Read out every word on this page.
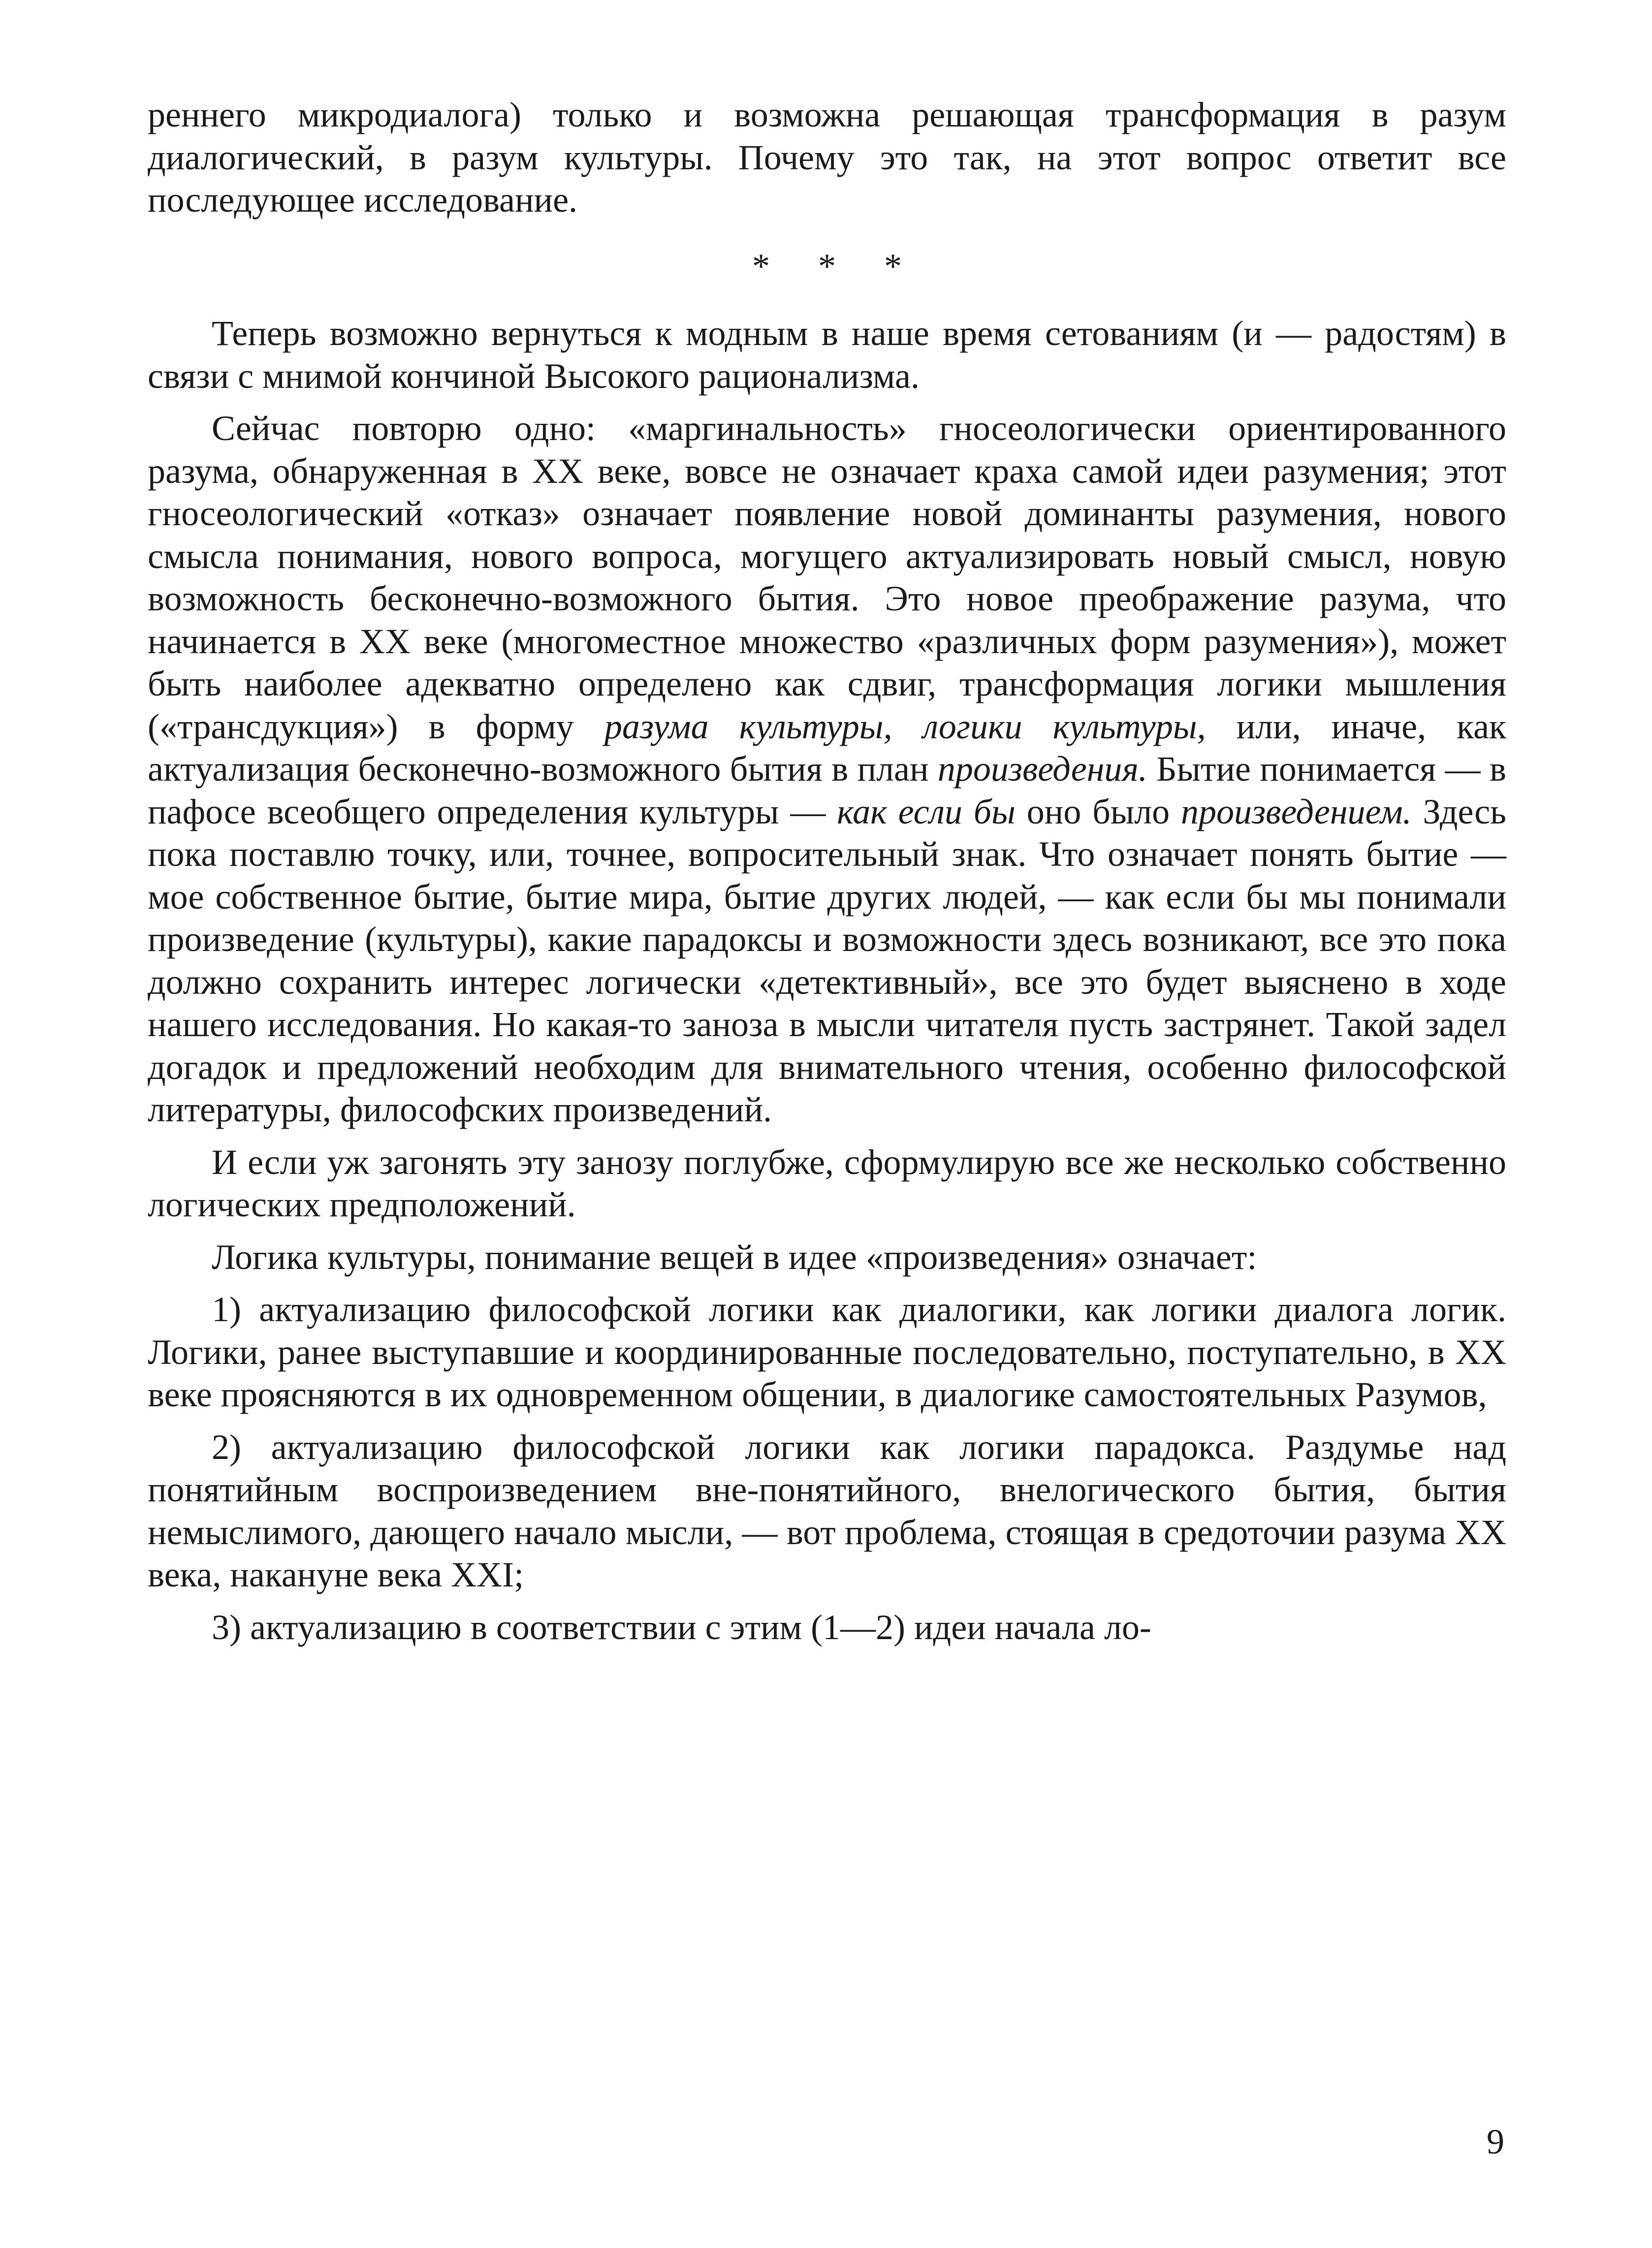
реннего микродиалога) только и возможна решающая трансформация в разум диалогический, в разум культуры. Почему это так, на этот вопрос ответит все последующее исследование.

* * *

Теперь возможно вернуться к модным в наше время сетованиям (и — радостям) в связи с мнимой кончиной Высокого рационализма.

Сейчас повторю одно: «маргинальность» гносеологически ориентированного разума, обнаруженная в XX веке, вовсе не означает краха самой идеи разумения; этот гносеологический «отказ» означает появление новой доминанты разумения, нового смысла понимания, нового вопроса, могущего актуализировать новый смысл, новую возможность бесконечно-возможного бытия. Это новое преображение разума, что начинается в XX веке (многоместное множество «различных форм разумения»), может быть наиболее адекватно определено как сдвиг, трансформация логики мышления («трансдукция») в форму разума культуры, логики культуры, или, иначе, как актуализация бесконечно-возможного бытия в план произведения. Бытие понимается — в пафосе всеобщего определения культуры — как если бы оно было произведением. Здесь пока поставлю точку, или, точнее, вопросительный знак. Что означает понять бытие — мое собственное бытие, бытие мира, бытие других людей, — как если бы мы понимали произведение (культуры), какие парадоксы и возможности здесь возникают, все это пока должно сохранить интерес логически «детективный», все это будет выяснено в ходе нашего исследования. Но какая-то заноза в мысли читателя пусть застрянет. Такой задел догадок и предложений необходим для внимательного чтения, особенно философской литературы, философских произведений.

И если уж загонять эту занозу поглубже, сформулирую все же несколько собственно логических предположений.

Логика культуры, понимание вещей в идее «произведения» означает:

1) актуализацию философской логики как диалогики, как логики диалога логик. Логики, ранее выступавшие и координированные последовательно, поступательно, в XX веке проясняются в их одновременном общении, в диалогике самостоятельных Разумов,

2) актуализацию философской логики как логики парадокса. Раздумье над понятийным воспроизведением вне-понятийного, внелогического бытия, бытия немыслимого, дающего начало мысли, — вот проблема, стоящая в средоточии разума XX века, накануне века XXI;

3) актуализацию в соответствии с этим (1—2) идеи начала ло-

9
